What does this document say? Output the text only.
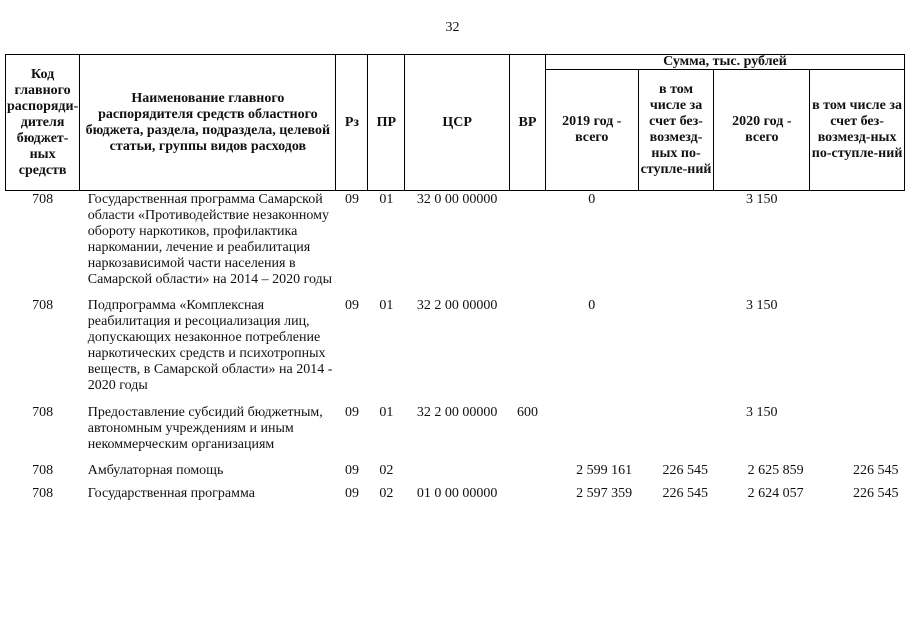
32
Код главного распоряди-дителя бюджет-ных средств	Наименование главного распорядителя средств областного бюджета, раздела, подраздела, целевой статьи, группы видов расходов	Рз	ПР	ЦСР	ВР	Сумма, тыс. рублей			
						2019 год - всего	в том числе за счет без-возмезд-ных по-ступле-ний	2020 год - всего	в том числе за счет без-возмезд-ных по-ступле-ний
708	Государственная программа Самарской области «Противодействие незаконному обороту наркотиков, профилактика наркомании, лечение и реабилитация наркозависимой части населения в Самарской области» на 2014 – 2020 годы	09	01	32 0 00 00000		0		3 150	
708	Подпрограмма «Комплексная реабилитация и ресоциализация лиц, допускающих незаконное потребление наркотических средств и психотропных веществ, в Самарской области» на 2014 - 2020 годы	09	01	32 2 00 00000		0		3 150	
708	Предоставление субсидий бюджетным, автономным учреждениям и иным некоммерческим организациям	09	01	32 2 00 00000	600			3 150	
708	Амбулаторная помощь	09	02			2 599 161	226 545	2 625 859	226 545
708	Государственная программа	09	02	01 0 00 00000		2 597 359	226 545	2 624 057	226 545
